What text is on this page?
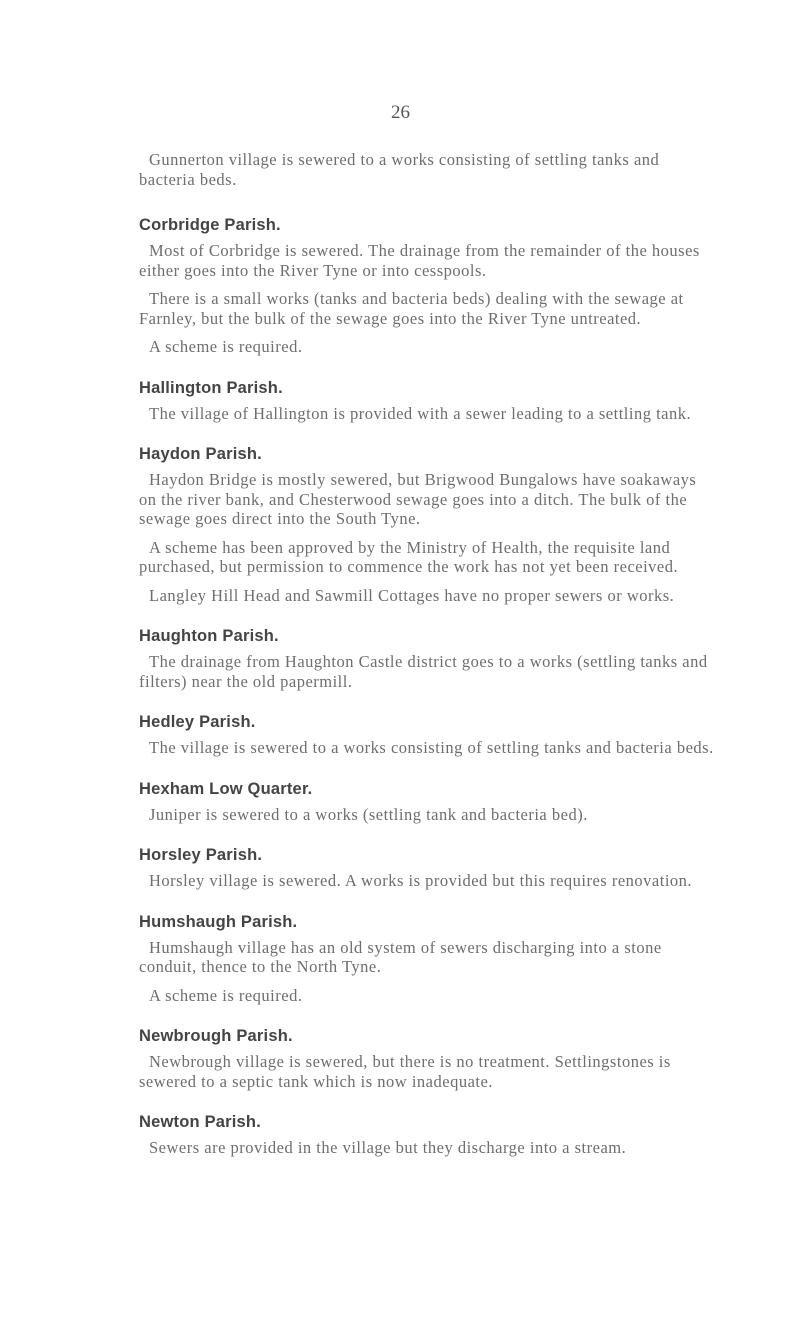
26

Gunnerton village is sewered to a works consisting of settling tanks and bacteria beds.

Corbridge Parish.

Most of Corbridge is sewered. The drainage from the remainder of the houses either goes into the River Tyne or into cesspools.

There is a small works (tanks and bacteria beds) dealing with the sewage at Farnley, but the bulk of the sewage goes into the River Tyne untreated.

A scheme is required.

Hallington Parish.

The village of Hallington is provided with a sewer leading to a settling tank.

Haydon Parish.

Haydon Bridge is mostly sewered, but Brigwood Bungalows have soakaways on the river bank, and Chesterwood sewage goes into a ditch. The bulk of the sewage goes direct into the South Tyne.

A scheme has been approved by the Ministry of Health, the requisite land purchased, but permission to commence the work has not yet been received.

Langley Hill Head and Sawmill Cottages have no proper sewers or works.

Haughton Parish.

The drainage from Haughton Castle district goes to a works (settling tanks and filters) near the old papermill.

Hedley Parish.

The village is sewered to a works consisting of settling tanks and bacteria beds.

Hexham Low Quarter.

Juniper is sewered to a works (settling tank and bacteria bed).

Horsley Parish.

Horsley village is sewered. A works is provided but this requires renovation.

Humshaugh Parish.

Humshaugh village has an old system of sewers discharging into a stone conduit, thence to the North Tyne.

A scheme is required.

Newbrough Parish.

Newbrough village is sewered, but there is no treatment. Settlingstones is sewered to a septic tank which is now inadequate.

Newton Parish.

Sewers are provided in the village but they discharge into a stream.
